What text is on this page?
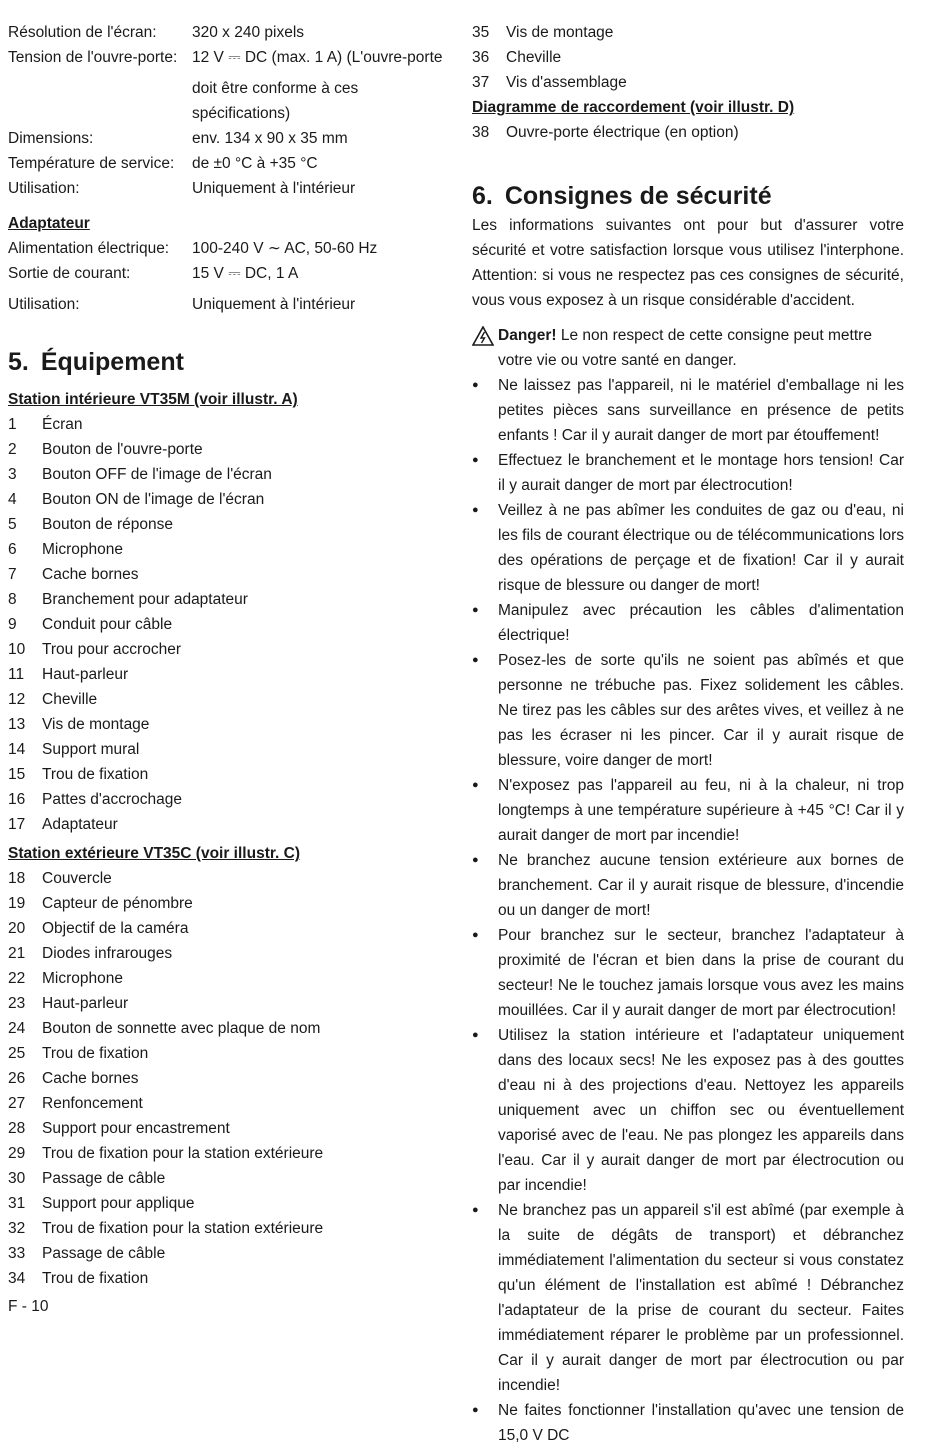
Résolution de l'écran:	320 x 240 pixels
Tension de l'ouvre-porte: 12 V ⎓ DC (max. 1 A) (L'ouvre-porte
doit être conforme à ces spécifications)
Dimensions:	env. 134 x 90 x 35 mm
Température de service:	de ±0 °C à +35 °C
Utilisation:	Uniquement à l'intérieur
Adaptateur
Alimentation électrique:	100-240 V ∼ AC, 50-60 Hz
Sortie de courant:	15 V ⎓ DC, 1 A
Utilisation:	Uniquement à l'intérieur
5. Équipement
Station intérieure VT35M (voir illustr. A)
1	Écran
2	Bouton de l'ouvre-porte
3	Bouton OFF de l'image de l'écran
4	Bouton ON de l'image de l'écran
5	Bouton de réponse
6	Microphone
7	Cache bornes
8	Branchement pour adaptateur
9	Conduit pour câble
10	Trou pour accrocher
11	Haut-parleur
12	Cheville
13	Vis de montage
14	Support mural
15	Trou de fixation
16	Pattes d'accrochage
17	Adaptateur
Station extérieure VT35C (voir illustr. C)
18	Couvercle
19	Capteur de pénombre
20	Objectif de la caméra
21	Diodes infrarouges
22	Microphone
23	Haut-parleur
24	Bouton de sonnette avec plaque de nom
25	Trou de fixation
26	Cache bornes
27	Renfoncement
28	Support pour encastrement
29	Trou de fixation pour la station extérieure
30	Passage de câble
31	Support pour applique
32	Trou de fixation pour la station extérieure
33	Passage de câble
34	Trou de fixation
35	Vis de montage
36	Cheville
37	Vis d'assemblage
Diagramme de raccordement (voir illustr. D)
38	Ouvre-porte électrique (en option)
6. Consignes de sécurité
Les informations suivantes ont pour but d'assurer votre sécurité et votre satisfaction lorsque vous utilisez l'interphone. Attention: si vous ne respectez pas ces consignes de sécurité, vous vous exposez à un risque considérable d'accident.
Danger! Le non respect de cette consigne peut mettre votre vie ou votre santé en danger.
●	Ne laissez pas l'appareil, ni le matériel d'emballage ni les petites pièces sans surveillance en présence de petits enfants ! Car il y aurait danger de mort par étouffement!
●	Effectuez le branchement et le montage hors tension! Car il y aurait danger de mort par électrocution!
●	Veillez à ne pas abîmer les conduites de gaz ou d'eau, ni les fils de courant électrique ou de télécommunications lors des opérations de perçage et de fixation! Car il y aurait risque de blessure ou danger de mort!
●	Manipulez avec précaution les câbles d'alimentation électrique!
●	Posez-les de sorte qu'ils ne soient pas abîmés et que personne ne trébuche pas. Fixez solidement les câbles. Ne tirez pas les câbles sur des arêtes vives, et veillez à ne pas les écraser ni les pincer. Car il y aurait risque de blessure, voire danger de mort!
●	N'exposez pas l'appareil au feu, ni à la chaleur, ni trop longtemps à une température supérieure à +45 °C! Car il y aurait danger de mort par incendie!
●	Ne branchez aucune tension extérieure aux bornes de branchement. Car il y aurait risque de blessure, d'incendie ou un danger de mort!
●	Pour branchez sur le secteur, branchez l'adaptateur à proximité de l'écran et bien dans la prise de courant du secteur! Ne le touchez jamais lorsque vous avez les mains mouillées. Car il y aurait danger de mort par électrocution!
●	Utilisez la station intérieure et l'adaptateur uniquement dans des locaux secs! Ne les exposez pas à des gouttes d'eau ni à des projections d'eau. Nettoyez les appareils uniquement avec un chiffon sec ou éventuellement vaporisé avec de l'eau. Ne pas plongez les appareils dans l'eau. Car il y aurait danger de mort par électrocution ou par incendie!
●	Ne branchez pas un appareil s'il est abîmé (par exemple à la suite de dégâts de transport) et débranchez immédiatement l'alimentation du secteur si vous constatez qu'un élément de l'installation est abîmé ! Débranchez l'adaptateur de la prise de courant du secteur. Faites immédiatement réparer le problème par un professionnel. Car il y aurait danger de mort par électrocution ou par incendie!
●	Ne faites fonctionner l'installation qu'avec une tension de 15,0 V DC
F - 10
